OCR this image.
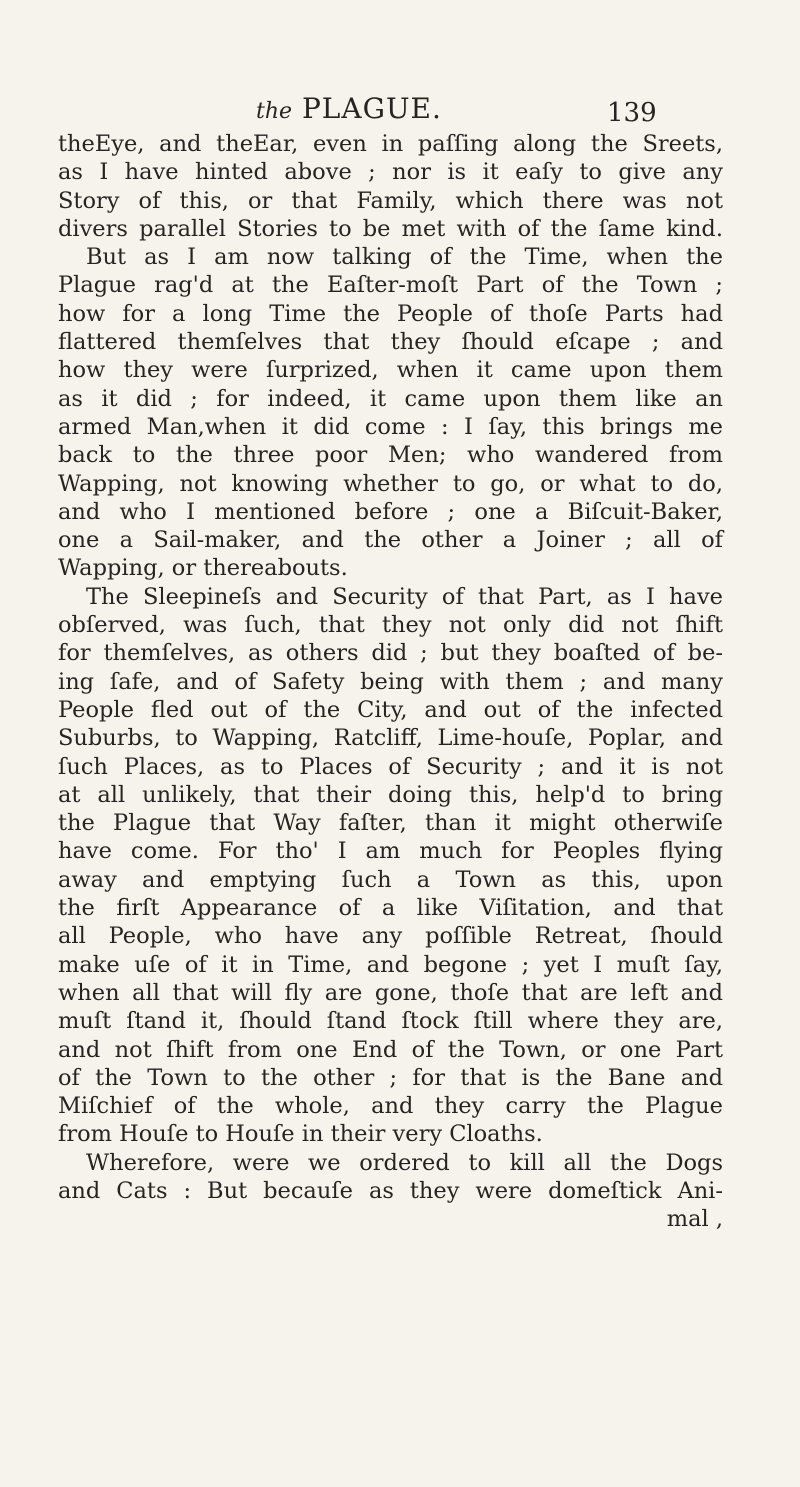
the PLAGUE.	139
theEye, and theEar, even in paſſing along the Sreets,
as I have hinted above ; nor is it eaſy to give any
Story of this, or that Family, which there was not
divers parallel Stories to be met with of the ſame kind.
But as I am now talking of the Time, when the
Plague rag'd at the Eaſter-moſt Part of the Town ;
how for a long Time the People of thoſe Parts had
flattered themſelves that they ſhould eſcape ; and
how they were ſurprized, when it came upon them
as it did ; for indeed, it came upon them like an
armed Man,when it did come : I ſay, this brings me
back to the three poor Men; who wandered from
Wapping, not knowing whether to go, or what to do,
and who I mentioned before ; one a Biſcuit-Baker,
one a Sail-maker, and the other a Joiner ; all of
Wapping, or thereabouts.
The Sleepineſs and Security of that Part, as I have
obſerved, was ſuch, that they not only did not ſhift
for themſelves, as others did ; but they boaſted of be-
ing ſafe, and of Safety being with them ; and many
People fled out of the City, and out of the infected
Suburbs, to Wapping, Ratcliff, Lime-houſe, Poplar, and
ſuch Places, as to Places of Security ; and it is not
at all unlikely, that their doing this, help'd to bring
the Plague that Way faſter, than it might otherwiſe
have come. For tho' I am much for Peoples flying
away and emptying ſuch a Town as this, upon
the firſt Appearance of a like Viſitation, and that
all People, who have any poſſible Retreat, ſhould
make uſe of it in Time, and begone ; yet I muſt ſay,
when all that will fly are gone, thoſe that are left and
muſt ſtand it, ſhould ſtand ſtock ſtill where they are,
and not ſhift from one End of the Town, or one Part
of the Town to the other ; for that is the Bane and
Miſchief of the whole, and they carry the Plague
from Houſe to Houſe in their very Cloaths.
Wherefore, were we ordered to kill all the Dogs
and Cats : But becauſe as they were domeſtick Ani-
mal ,
